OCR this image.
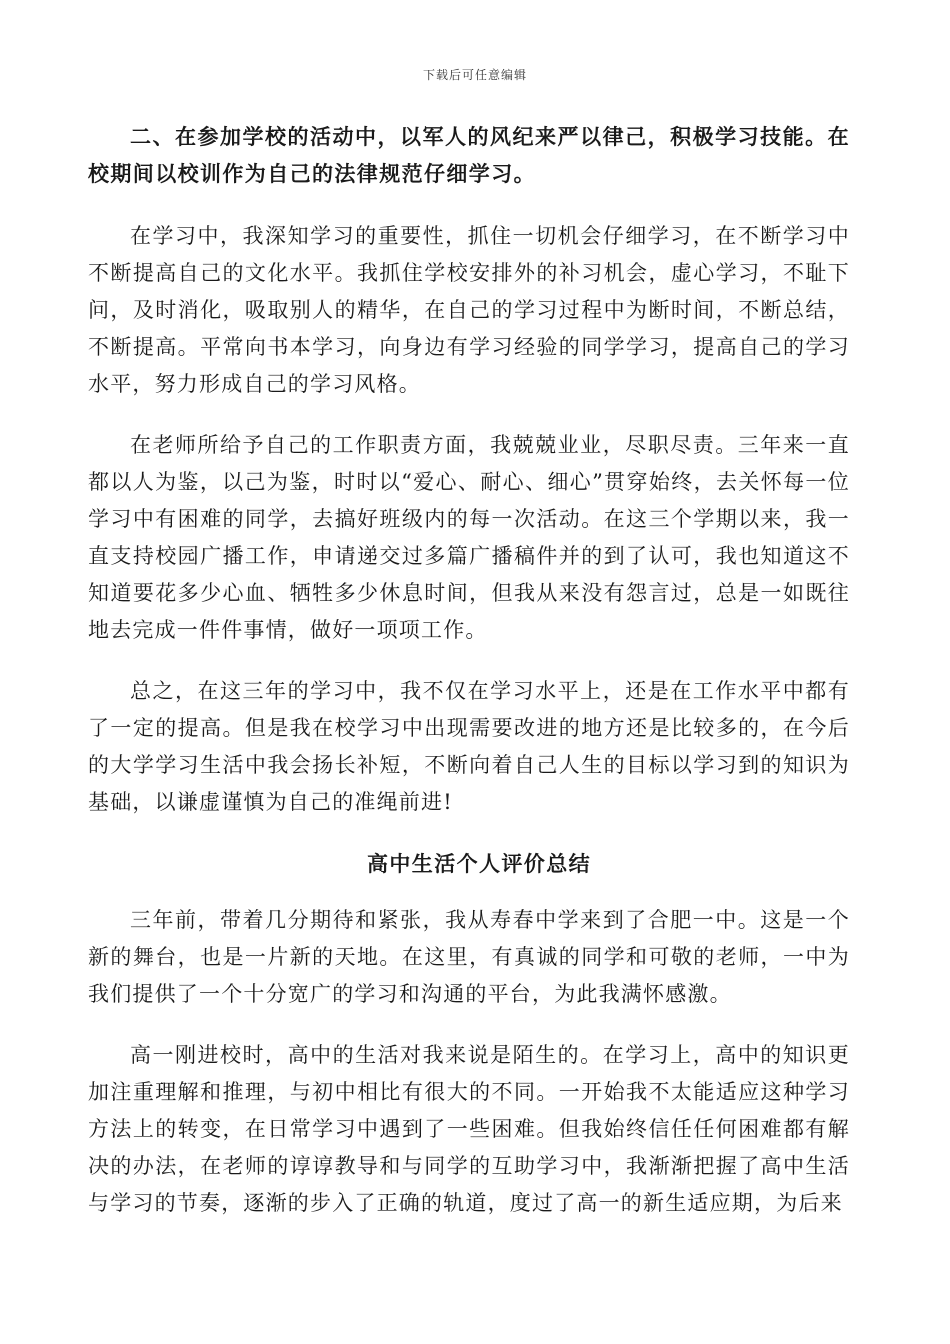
下载后可任意编辑

二、在参加学校的活动中，以军人的风纪来严以律己，积极学习技能。在校期间以校训作为自己的法律规范仔细学习。

在学习中，我深知学习的重要性，抓住一切机会仔细学习，在不断学习中不断提高自己的文化水平。我抓住学校安排外的补习机会，虚心学习，不耻下问，及时消化，吸取别人的精华，在自己的学习过程中为断时间，不断总结，不断提高。平常向书本学习，向身边有学习经验的同学学习，提高自己的学习水平，努力形成自己的学习风格。

在老师所给予自己的工作职责方面，我兢兢业业，尽职尽责。三年来一直都以人为鉴，以己为鉴，时时以“爱心、耐心、细心”贯穿始终，去关怀每一位学习中有困难的同学，去搞好班级内的每一次活动。在这三个学期以来，我一直支持校园广播工作，申请递交过多篇广播稿件并的到了认可，我也知道这不知道要花多少心血、牺牲多少休息时间，但我从来没有怨言过，总是一如既往地去完成一件件事情，做好一项项工作。

总之，在这三年的学习中，我不仅在学习水平上，还是在工作水平中都有了一定的提高。但是我在校学习中出现需要改进的地方还是比较多的，在今后的大学学习生活中我会扬长补短，不断向着自己人生的目标以学习到的知识为基础，以谦虚谨慎为自己的准绳前进!

高中生活个人评价总结

三年前，带着几分期待和紧张，我从寿春中学来到了合肥一中。这是一个新的舞台，也是一片新的天地。在这里，有真诚的同学和可敬的老师，一中为我们提供了一个十分宽广的学习和沟通的平台，为此我满怀感激。

高一刚进校时，高中的生活对我来说是陌生的。在学习上，高中的知识更加注重理解和推理，与初中相比有很大的不同。一开始我不太能适应这种学习方法上的转变，在日常学习中遇到了一些困难。但我始终信任任何困难都有解决的办法，在老师的谆谆教导和与同学的互助学习中，我渐渐把握了高中生活与学习的节奏，逐渐的步入了正确的轨道，度过了高一的新生适应期，为后来
